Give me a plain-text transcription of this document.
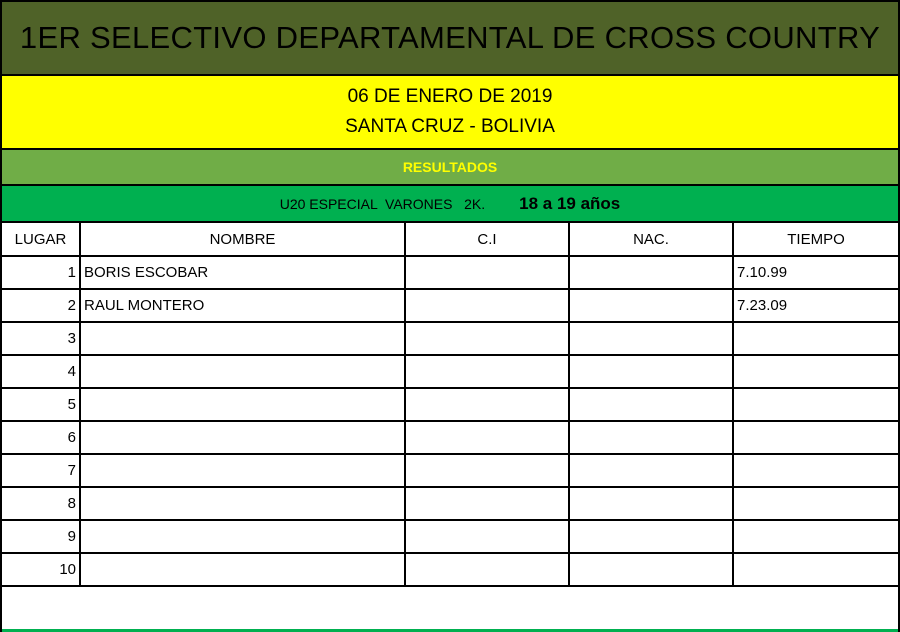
1ER SELECTIVO DEPARTAMENTAL DE CROSS COUNTRY
06 DE ENERO DE 2019
SANTA CRUZ - BOLIVIA
RESULTADOS
U20 ESPECIAL  VARONES   2K. 18 a 19 años
LUGAR	NOMBRE	C.I	NAC.	TIEMPO
1	BORIS ESCOBAR			7.10.99
2	RAUL MONTERO			7.23.09
3				
4				
5				
6				
7				
8				
9				
10				
